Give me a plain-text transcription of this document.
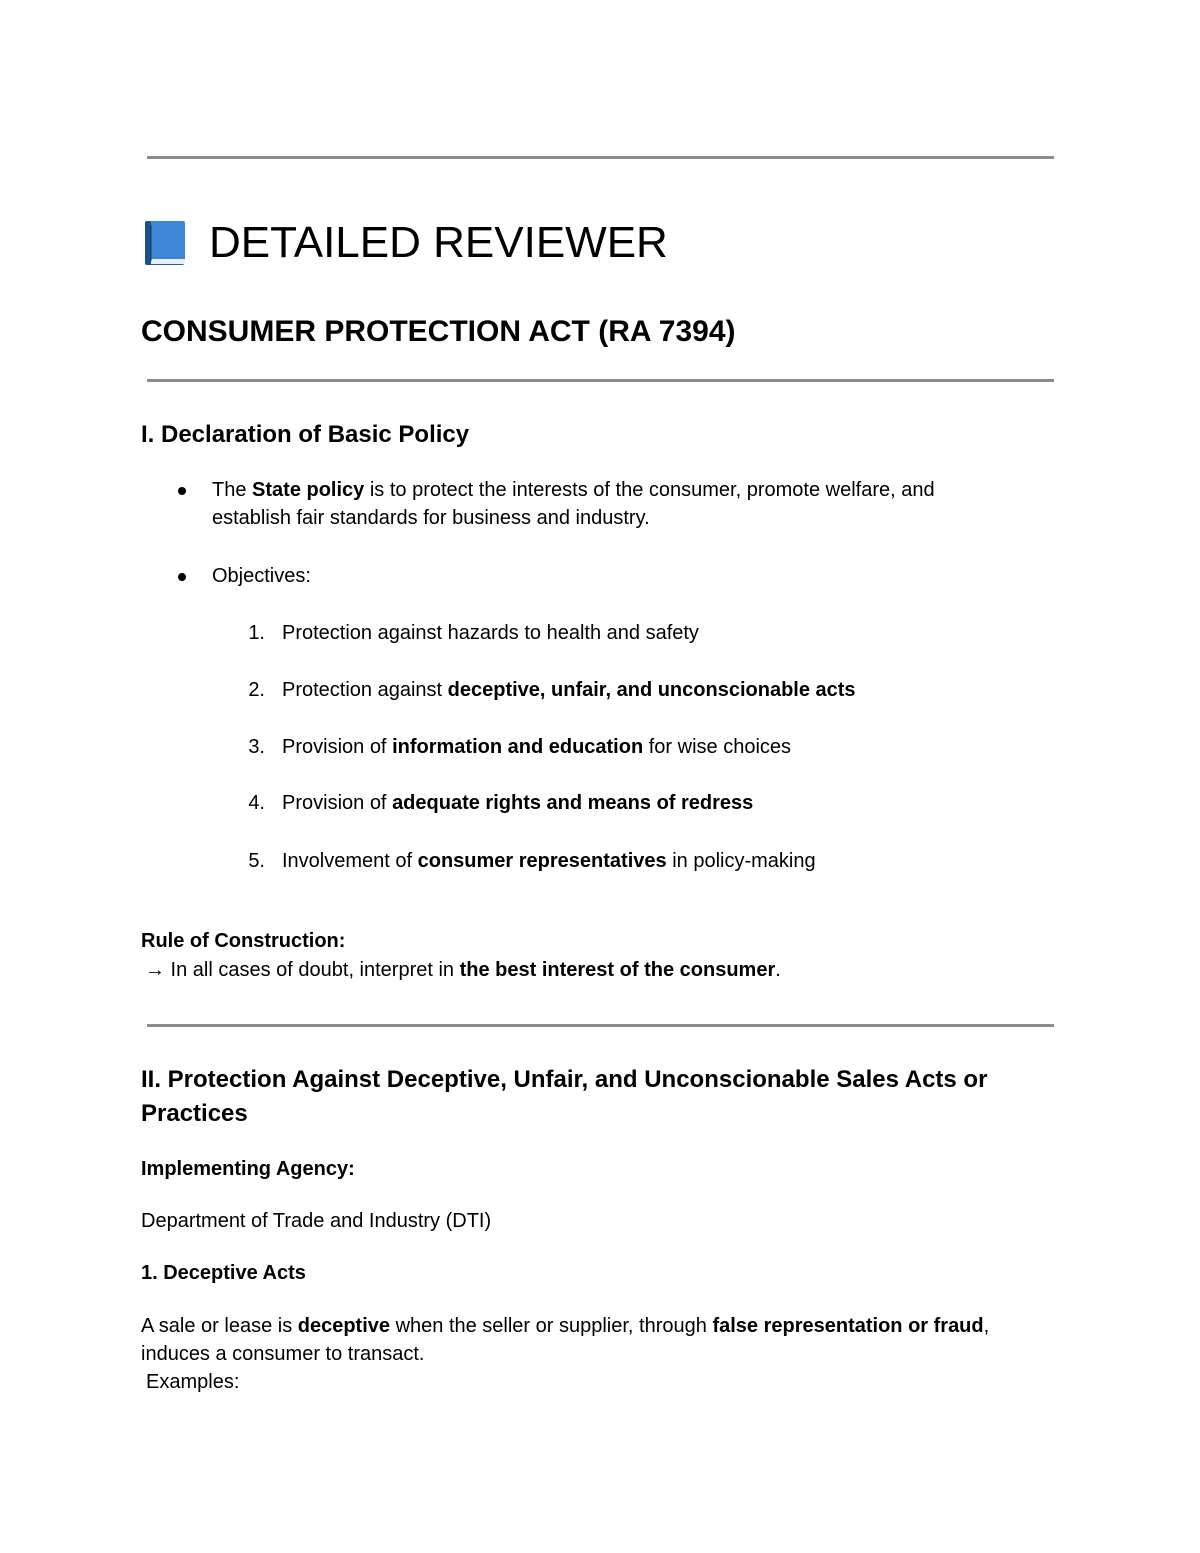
DETAILED REVIEWER
CONSUMER PROTECTION ACT (RA 7394)
I. Declaration of Basic Policy
The State policy is to protect the interests of the consumer, promote welfare, and
establish fair standards for business and industry.
Objectives:
1. Protection against hazards to health and safety
2. Protection against deceptive, unfair, and unconscionable acts
3. Provision of information and education for wise choices
4. Provision of adequate rights and means of redress
5. Involvement of consumer representatives in policy-making
Rule of Construction:
→ In all cases of doubt, interpret in the best interest of the consumer.
II. Protection Against Deceptive, Unfair, and Unconscionable Sales Acts or
Practices
Implementing Agency:
Department of Trade and Industry (DTI)
1. Deceptive Acts
A sale or lease is deceptive when the seller or supplier, through false representation or fraud,
induces a consumer to transact.
Examples:
